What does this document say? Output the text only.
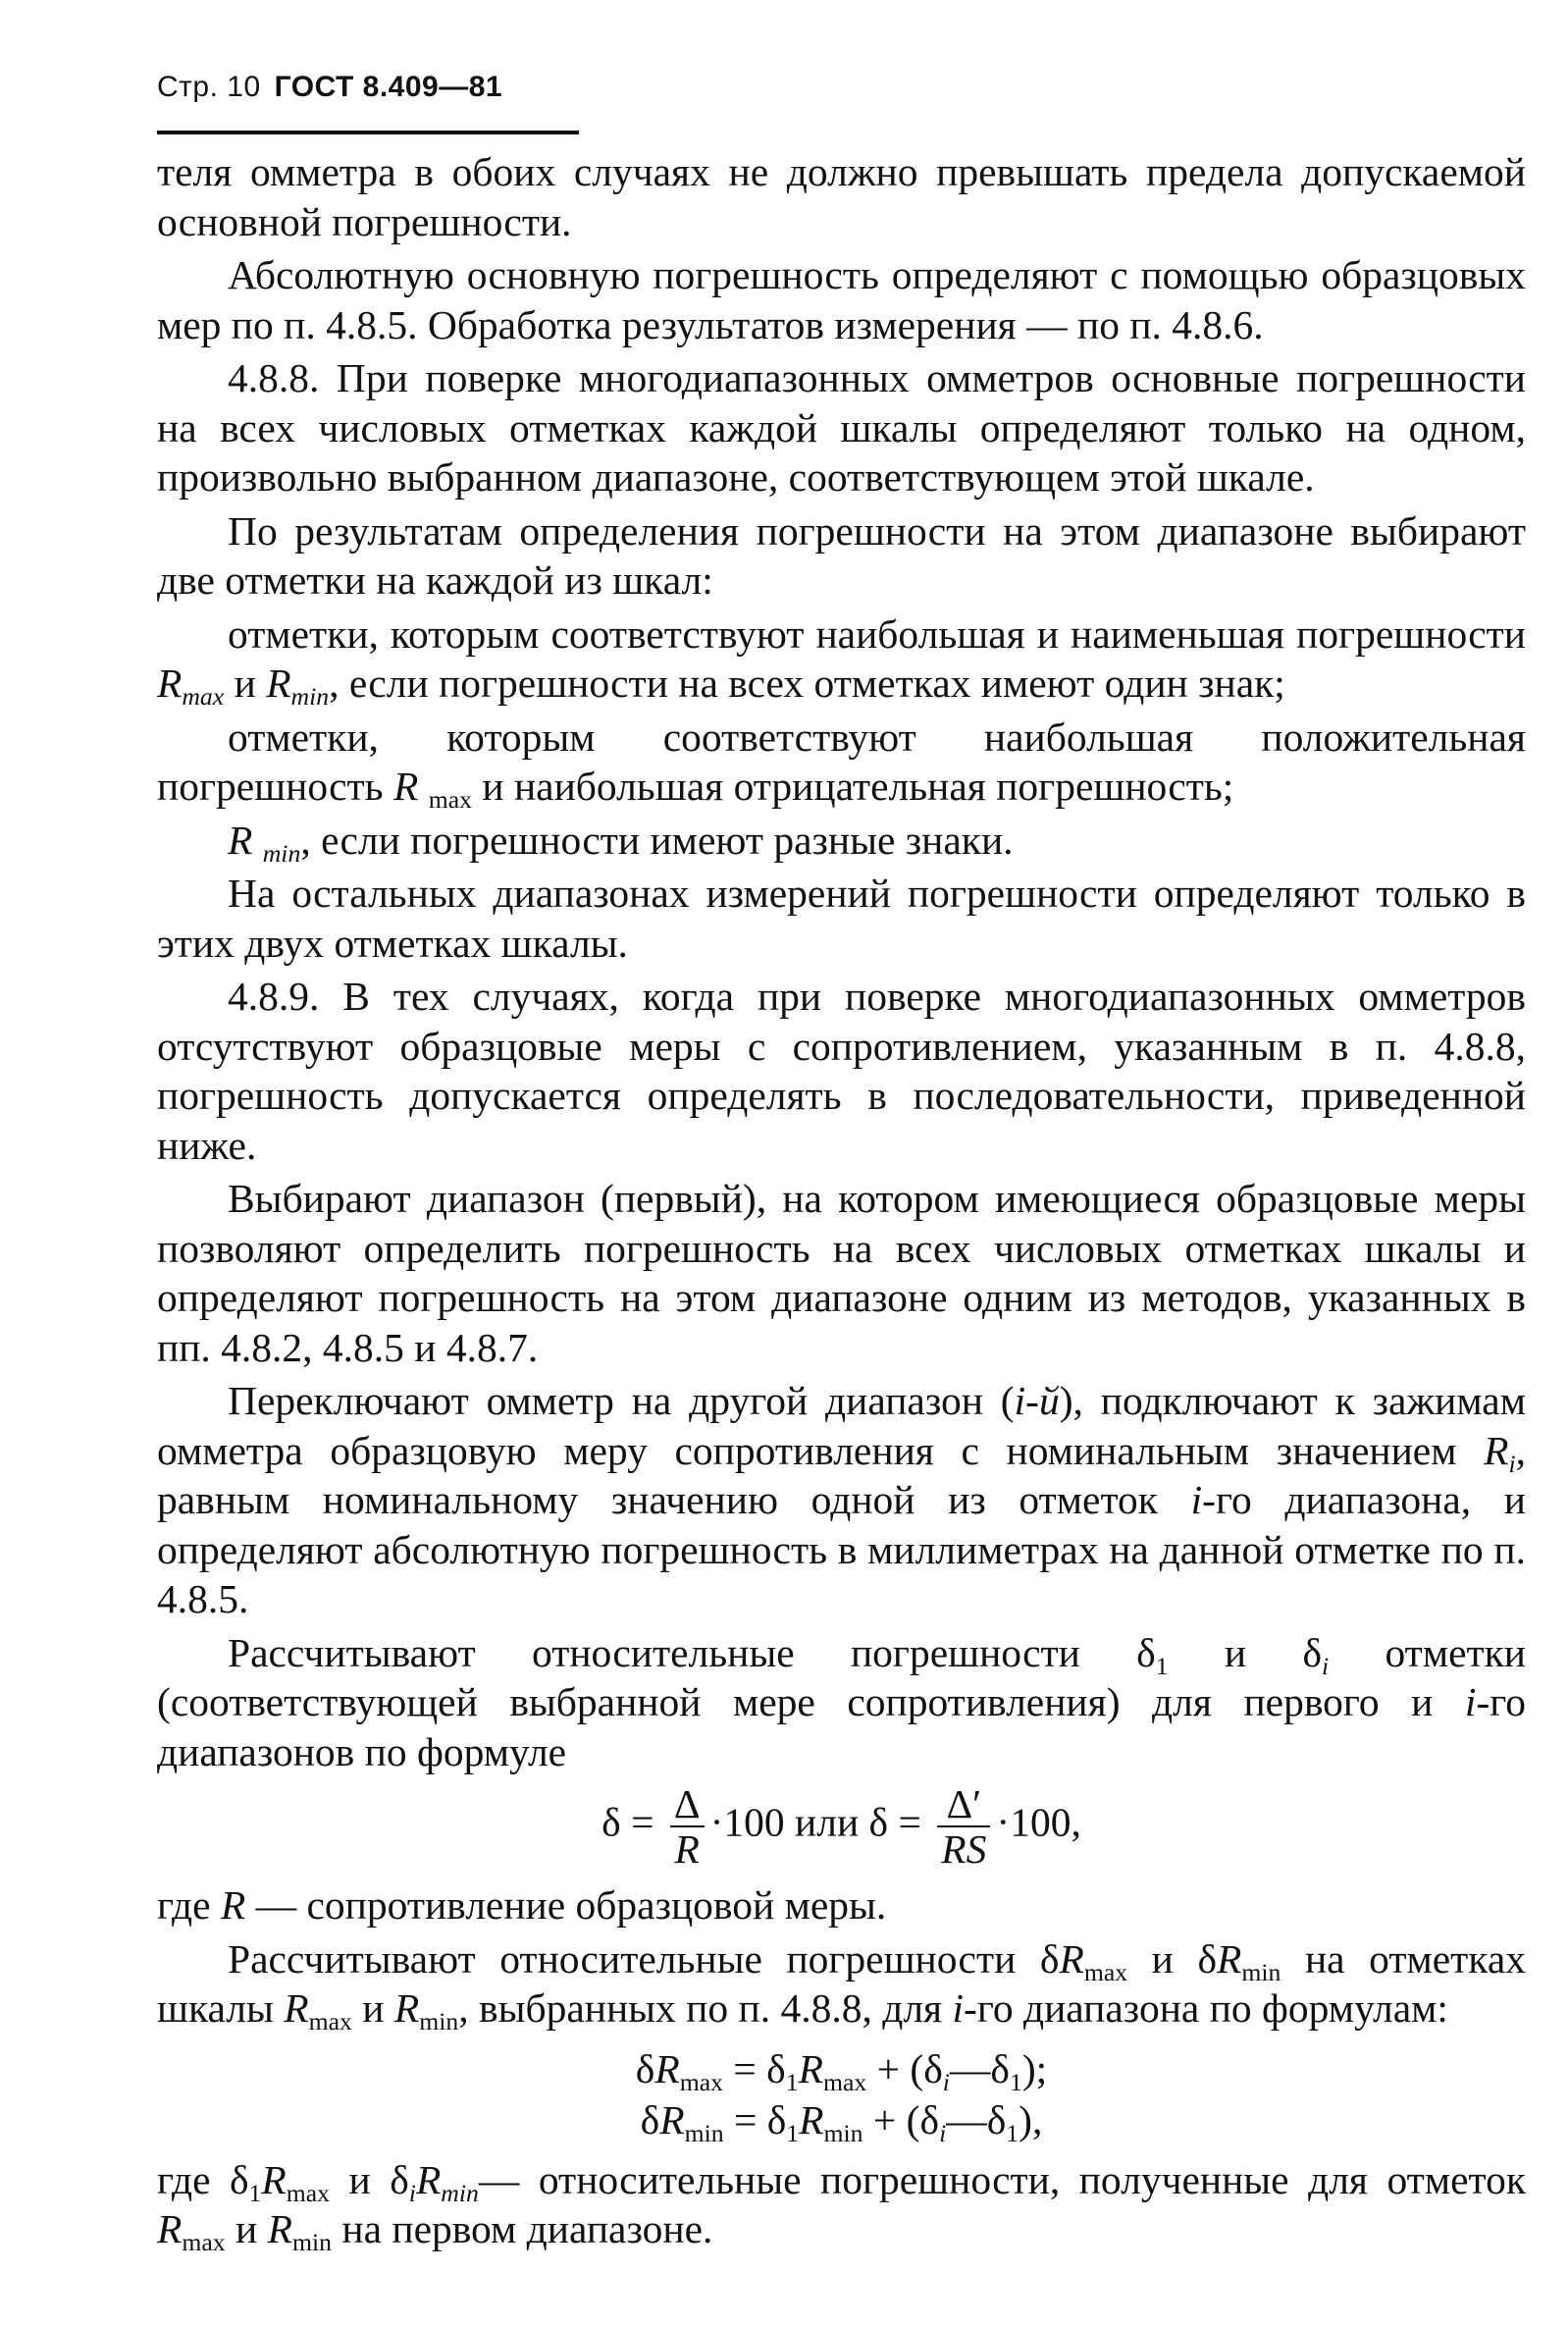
Стр. 10 ГОСТ 8.409—81

теля омметра в обоих случаях не должно превышать предела допускаемой основной погрешности.

Абсолютную основную погрешность определяют с помощью образцовых мер по п. 4.8.5. Обработка результатов измерения — по п. 4.8.6.

4.8.8. При поверке многодиапазонных омметров основные погрешности на всех числовых отметках каждой шкалы определяют только на одном, произвольно выбранном диапазоне, соответствующем этой шкале.

По результатам определения погрешности на этом диапазоне выбирают две отметки на каждой из шкал:

отметки, которым соответствуют наибольшая и наименьшая погрешности $R_{max}$ и $R_{min}$, если погрешности на всех отметках имеют один знак;

отметки, которым соответствуют наибольшая положительная погрешность R $_{max}$ и наибольшая отрицательная погрешность;

R $_{min}$, если погрешности имеют разные знаки.

На остальных диапазонах измерений погрешности определяют только в этих двух отметках шкалы.

4.8.9. В тех случаях, когда при поверке многодиапазонных омметров отсутствуют образцовые меры с сопротивлением, указанным в п. 4.8.8, погрешность допускается определять в последовательности, приведенной ниже.

Выбирают диапазон (первый), на котором имеющиеся образцовые меры позволяют определить погрешность на всех числовых отметках шкалы и определяют погрешность на этом диапазоне одним из методов, указанных в пп. 4.8.2, 4.8.5 и 4.8.7.

Переключают омметр на другой диапазон (i-й), подключают к зажимам омметра образцовую меру сопротивления с номинальным значением $R_i$, равным номинальному значению одной из отметок i-го диапазона, и определяют абсолютную погрешность в миллиметрах на данной отметке по п. 4.8.5.

Рассчитывают относительные погрешности $\delta_1$ и $\delta_i$ отметки (соответствующей выбранной мере сопротивления) для первого и i-го диапазонов по формуле

$\delta = \frac{\Delta}{R} \cdot 100$ или $\delta = \frac{\Delta'}{RS} \cdot 100$,

где R — сопротивление образцовой меры.

Рассчитывают относительные погрешности $\delta R_{max}$ и $\delta R_{min}$ на отметках шкалы $R_{max}$ и $R_{min}$, выбранных по п. 4.8.8, для i-го диапазона по формулам:

$\delta R_{max} = \delta_1R_{max}$ + $(\delta_i—\delta_1)$;
$\delta R_{min} = \delta_1R_{min}$ + $(\delta_i—\delta_1)$,

где $\delta_1R_{max}$ и $\delta_iR_{min}—$ относительные погрешности, полученные для отметок $R_{max}$ и $R_{min}$ на первом диапазоне.
